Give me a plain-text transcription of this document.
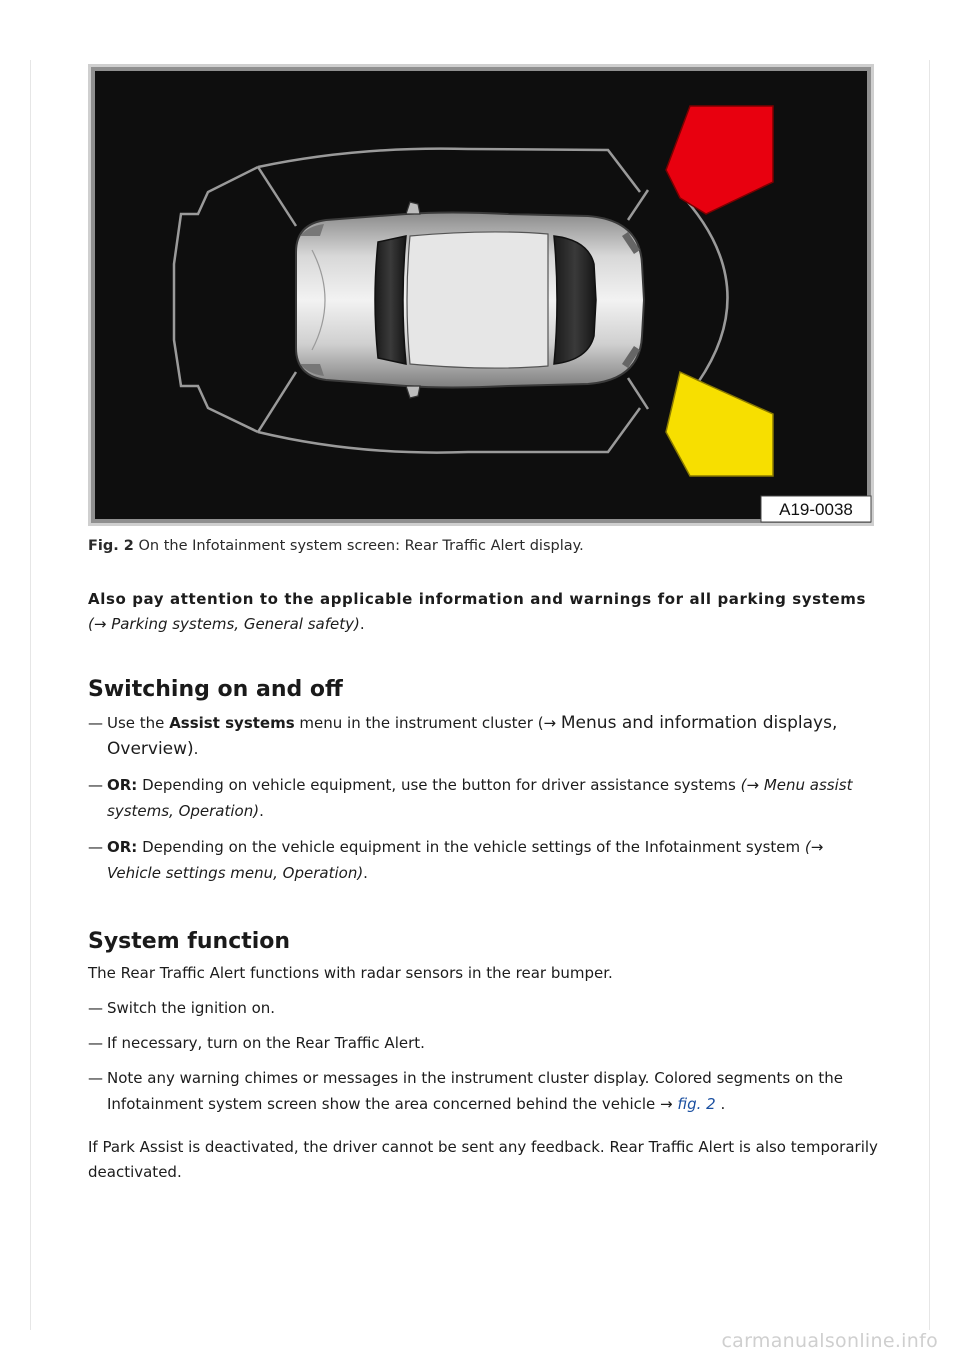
A19-0038
Fig. 2 On the Infotainment system screen: Rear Traffic Alert display.
Also pay attention to the applicable information and warnings for all parking systems (→ Parking systems, General safety).
Switching on and off
— Use the Assist systems menu in the instrument cluster (→ Menus and information displays, Overview).
— OR: Depending on vehicle equipment, use the button for driver assistance systems (→ Menu assist systems, Operation).
— OR: Depending on the vehicle equipment in the vehicle settings of the Infotainment system (→ Vehicle settings menu, Operation).
System function
The Rear Traffic Alert functions with radar sensors in the rear bumper.
— Switch the ignition on.
— If necessary, turn on the Rear Traffic Alert.
— Note any warning chimes or messages in the instrument cluster display. Colored segments on the Infotainment system screen show the area concerned behind the vehicle → fig. 2 .
If Park Assist is deactivated, the driver cannot be sent any feedback. Rear Traffic Alert is also temporarily deactivated.
carmanualsonline.info
